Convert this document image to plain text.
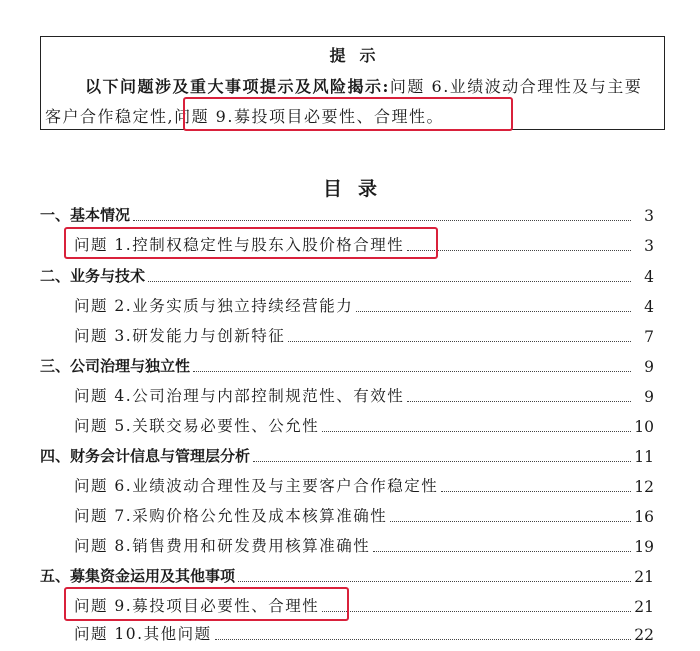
提示
以下问题涉及重大事项提示及风险揭示:问题 6.业绩波动合理性及与主要
客户合作稳定性,问题 9.募投项目必要性、合理性。
目录
一、基本情况	3
问题 1.控制权稳定性与股东入股价格合理性	3
二、业务与技术	4
问题 2.业务实质与独立持续经营能力	4
问题 3.研发能力与创新特征	7
三、公司治理与独立性	9
问题 4.公司治理与内部控制规范性、有效性	9
问题 5.关联交易必要性、公允性	10
四、财务会计信息与管理层分析	11
问题 6.业绩波动合理性及与主要客户合作稳定性	12
问题 7.采购价格公允性及成本核算准确性	16
问题 8.销售费用和研发费用核算准确性	19
五、募集资金运用及其他事项	21
问题 9.募投项目必要性、合理性	21
问题 10.其他问题	22
